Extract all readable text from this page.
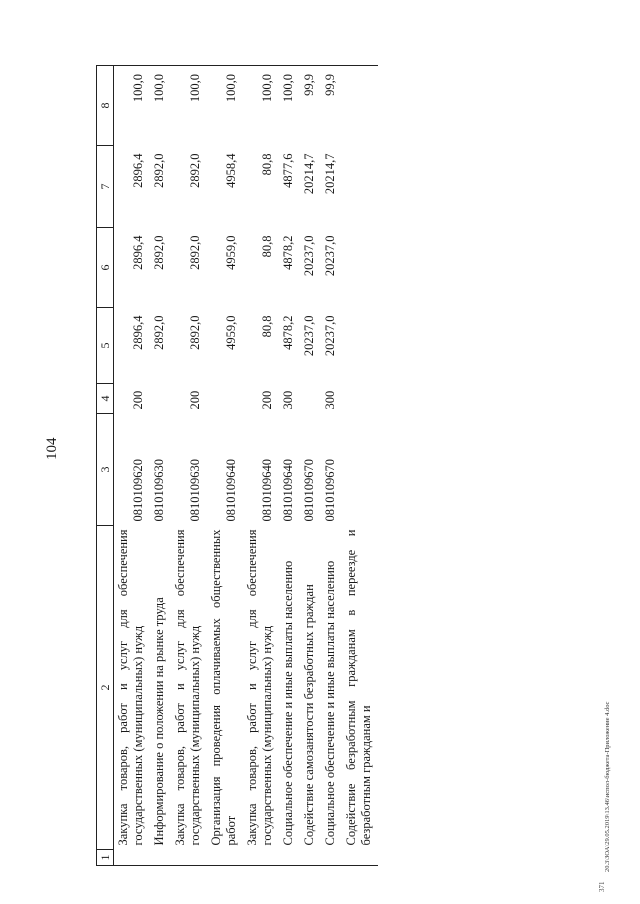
104
20.3\ЗОА\29.05.2019\13.46\испол-бюджета-Приложение 4.doc
371
1	2	3	4	5	6	7	8
	Закупка товаров, работ и услуг для обеспечения государственных (муниципальных) нужд	0810109620	200	2896,4	2896,4	2896,4	100,0
	Информирование о положении на рынке труда	0810109630		2892,0	2892,0	2892,0	100,0
	Закупка товаров, работ и услуг для обеспечения государственных (муниципальных) нужд	0810109630	200	2892,0	2892,0	2892,0	100,0
	Организация проведения оплачиваемых общественных работ	0810109640		4959,0	4959,0	4958,4	100,0
	Закупка товаров, работ и услуг для обеспечения государственных (муниципальных) нужд	0810109640	200	80,8	80,8	80,8	100,0
	Социальное обеспечение и иные выплаты населению	0810109640	300	4878,2	4878,2	4877,6	100,0
	Содействие самозанятости безработных граждан	0810109670		20237,0	20237,0	20214,7	99,9
	Социальное обеспечение и иные выплаты населению	0810109670	300	20237,0	20237,0	20214,7	99,9
	Содействие безработным гражданам в переезде и безработным гражданам и						
